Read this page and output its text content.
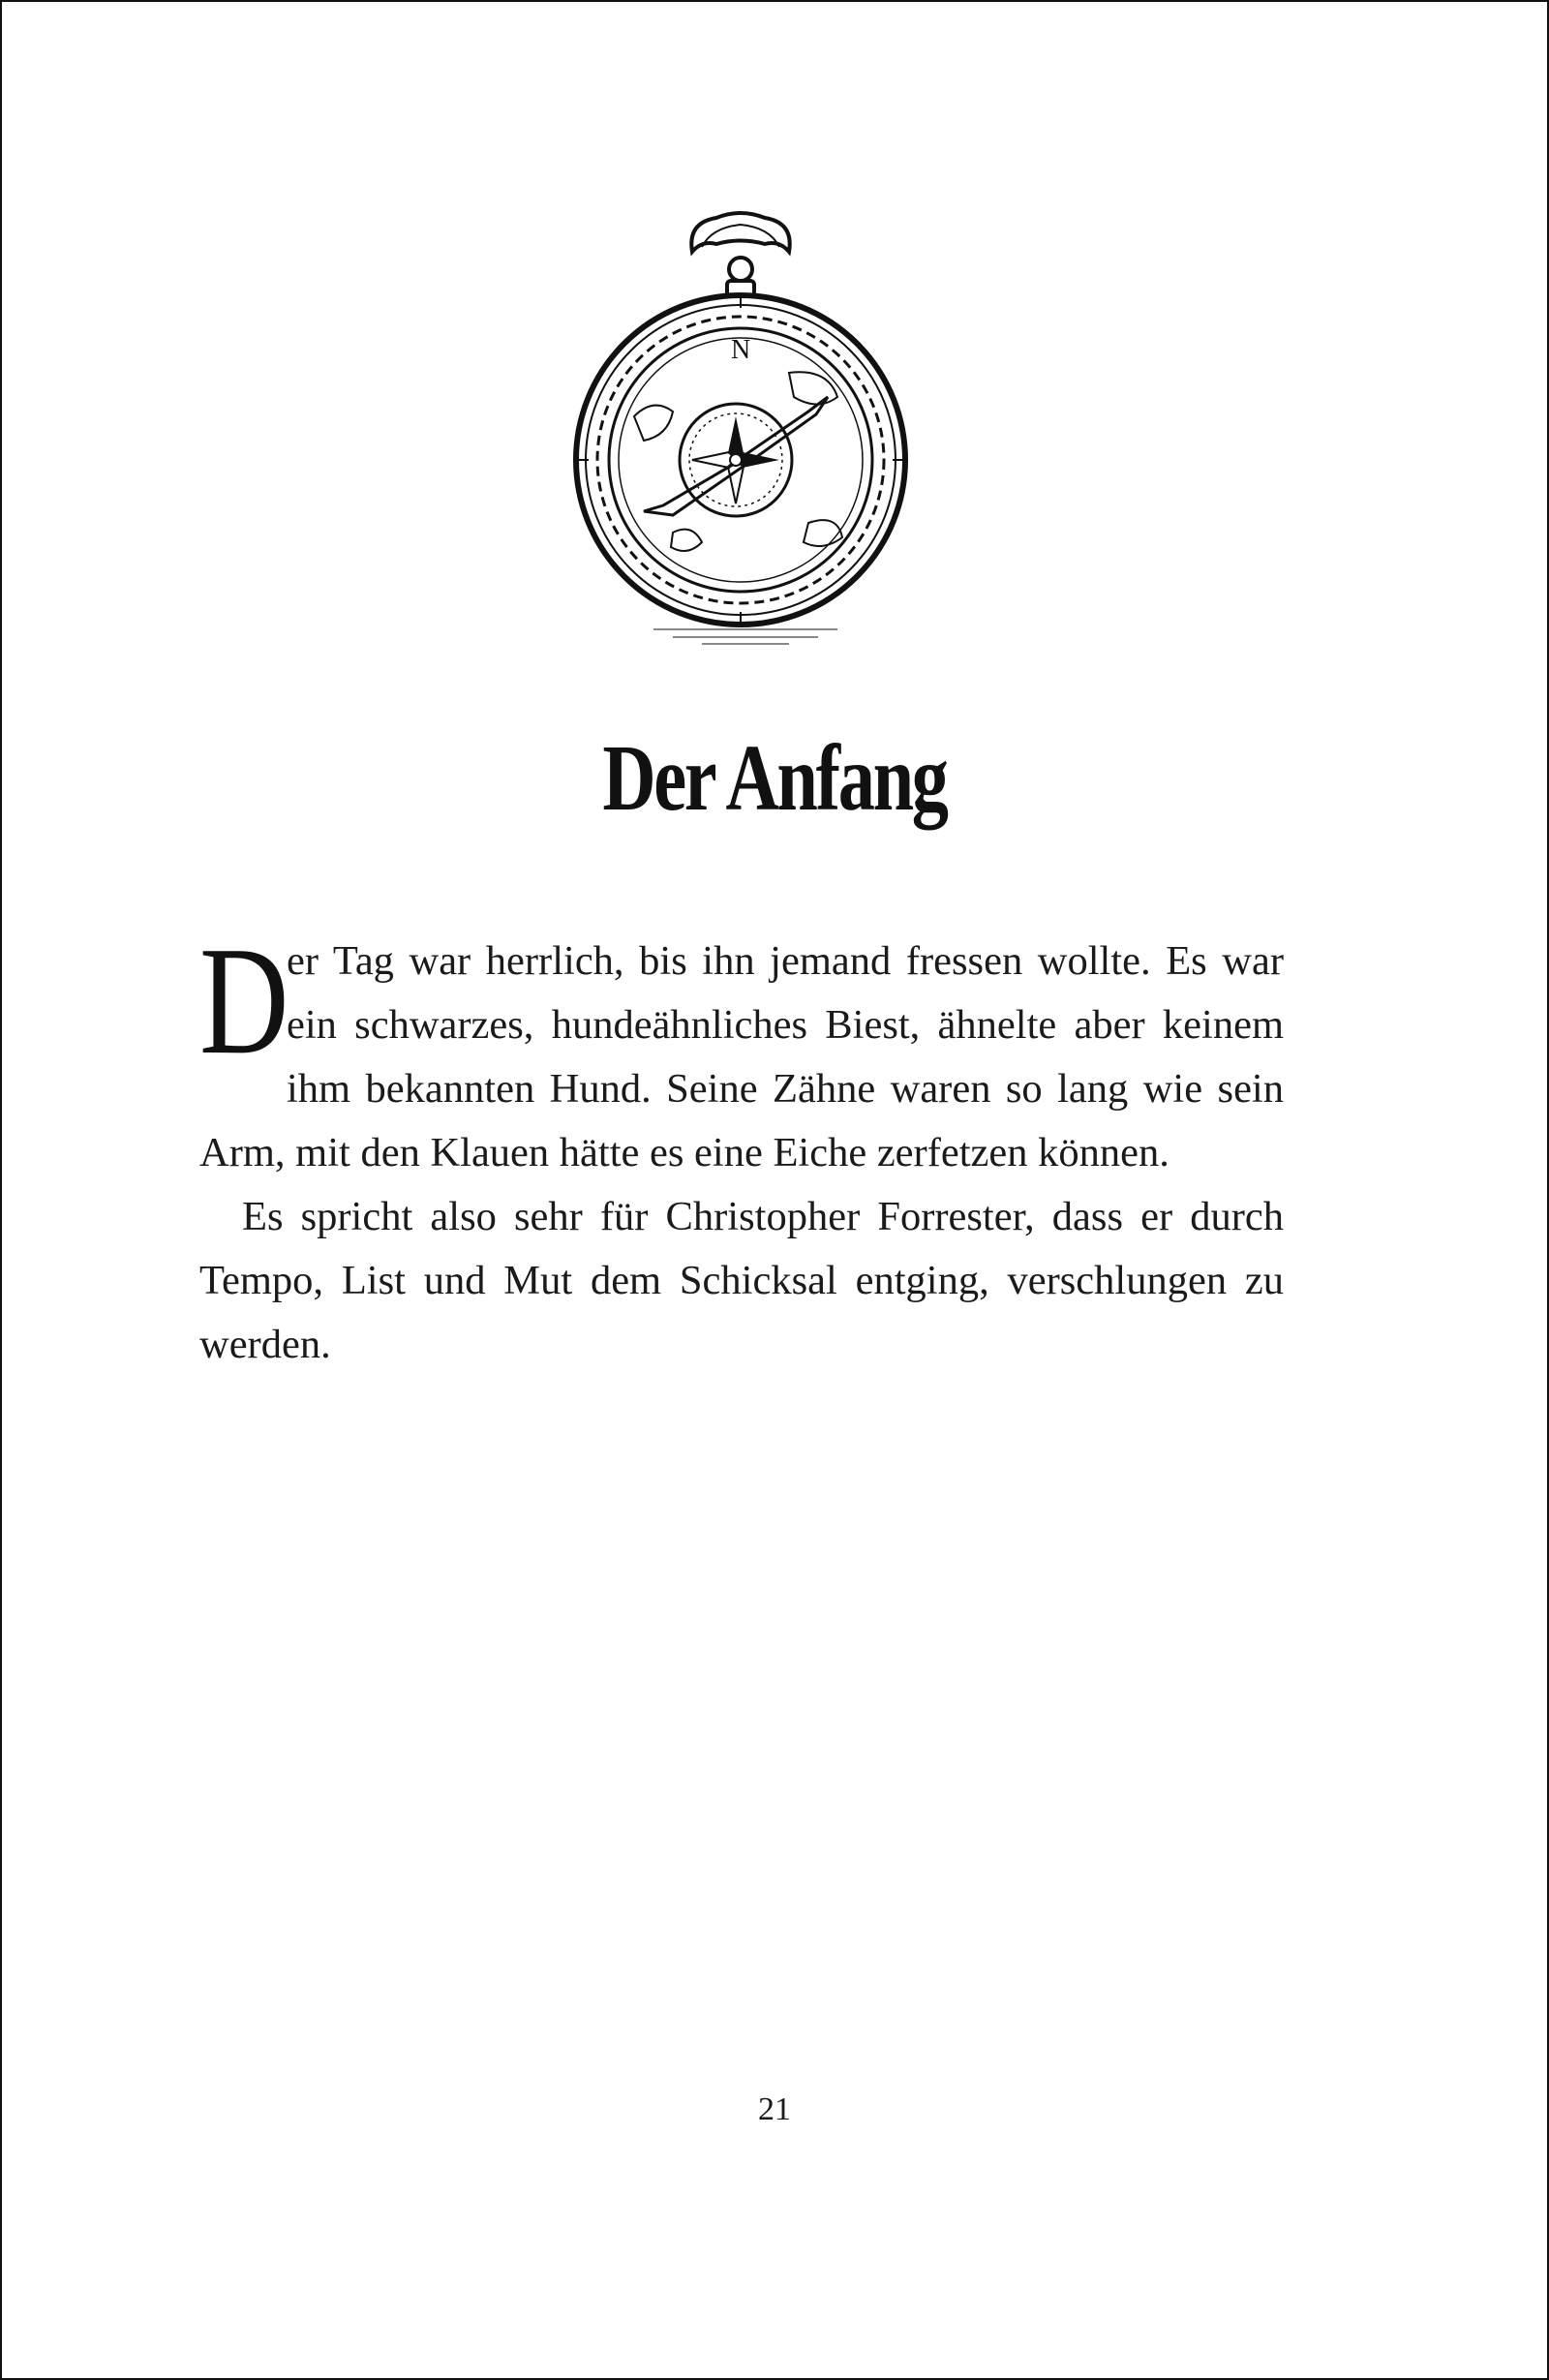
N
Der Anfang

D
er Tag war herrlich, bis ihn jemand fressen wollte. Es war ein schwarzes, hundeähnliches Biest, ähnelte aber keinem ihm bekannten Hund. Seine Zähne waren so lang wie sein Arm, mit den Klauen hätte es eine Eiche zerfetzen können.

Es spricht also sehr für Christopher Forrester, dass er durch Tempo, List und Mut dem Schicksal entging, verschlungen zu werden.

21
